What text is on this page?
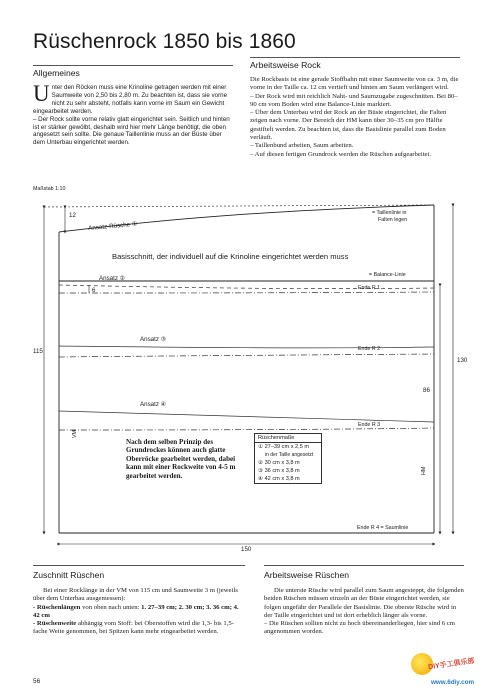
Rüschenrock 1850 bis 1860
Allgemeines
U nter den Röcken muss eine Krinoline getragen werden mit einer Saumweite von 2,50 bis 2,80 m. Zu beachten ist, dass sie vorne nicht zu sehr absteht, notfalls kann vorne im Saum ein Gewicht eingearbeitet werden.

– Der Rock sollte vorne relativ glatt eingerichtet sein. Seitlich und hinten ist er stärker gewölbt, deshalb wird hier mehr Länge benötigt, die oben angesetzt sein sollte. Die genaue Taillenlinie muss an der Büste über dem Unterbau eingerichtet werden.

Arbeitsweise Rock

Die Rockbasis ist eine gerade Stoffbahn mit einer Saumweite von ca. 3 m, die vorne in der Taille ca. 12 cm vertieft und hinten am Saum verlängert wird.

– Der Rock wird mit reichlich Naht- und Saumzugabe zugeschnitten. Bei 80–90 cm vom Boden wird eine Balance-Linie markiert.

– Über dem Unterbau wird der Rock an der Büste eingerichtet, die Falten zeigen nach vorne. Der Bereich der HM kann über 30–35 cm pro Hälfte gestiftelt werden. Zu beachten ist, dass die Basislinie parallel zum Boden verläuft.

– Taillenbund arbeiten, Saum arbeiten.

– Auf diesen fertigen Grundrock werden die Rüschen aufgearbeitet.

Maßstab 1:10
12
115
130
86
150
6
Ansatz-Rüsche ①
Ansatz ②
Ansatz ③
Ansatz ④
= Taillenlinie in
Falten legen
= Balance-Linie
Basisschnitt, der individuell auf die Krinoline eingerichtet werden muss
Ende R 1
Ende R 2
Ende R 3
Ende R 4 = Saumlinie
VM
HM
Nach dem selben Prinzip des Grundrockes können auch glatte Oberröcke gearbeitet werden, dabei kann mit einer Rockweite von 4-5 m gearbeitet werden.
Rüschenmaße
① 27–39 cm x 2,5 m
in der Taille angesetzt
② 30 cm x 3,8 m
③ 36 cm x 3,8 m
④ 42 cm x 3,8 m
Zuschnitt Rüschen

Bei einer Rocklänge in der VM von 115 cm und Saumweite 3 m (jeweils über dem Unterbau ausgemessen):

- Rüschenlängen von oben nach unten: 1. 27–39 cm; 2. 30 cm; 3. 36 cm; 4. 42 cm

- Rüschenweite abhängig vom Stoff: bei Oberstoffen wird die 1,3- bis 1,5-fache Weite genommen, bei Spitzen kann mehr eingearbeitet werden.

Arbeitsweise Rüschen

Die unterste Rüsche wird parallel zum Saum angesteppt, die folgenden beiden Rüschen müssen einzeln an der Büste eingerichtet werden, sie folgen ungefähr der Parallele der Basislinie. Die oberste Rüsche wird in der Taille eingerichtet und ist dort erheblich länger als vorne.

– Die Rüschen sollten nicht zu hoch übereinanderliegen, hier sind 6 cm angenommen worden.

56
DIY手工俱乐部
www.6diy.com
